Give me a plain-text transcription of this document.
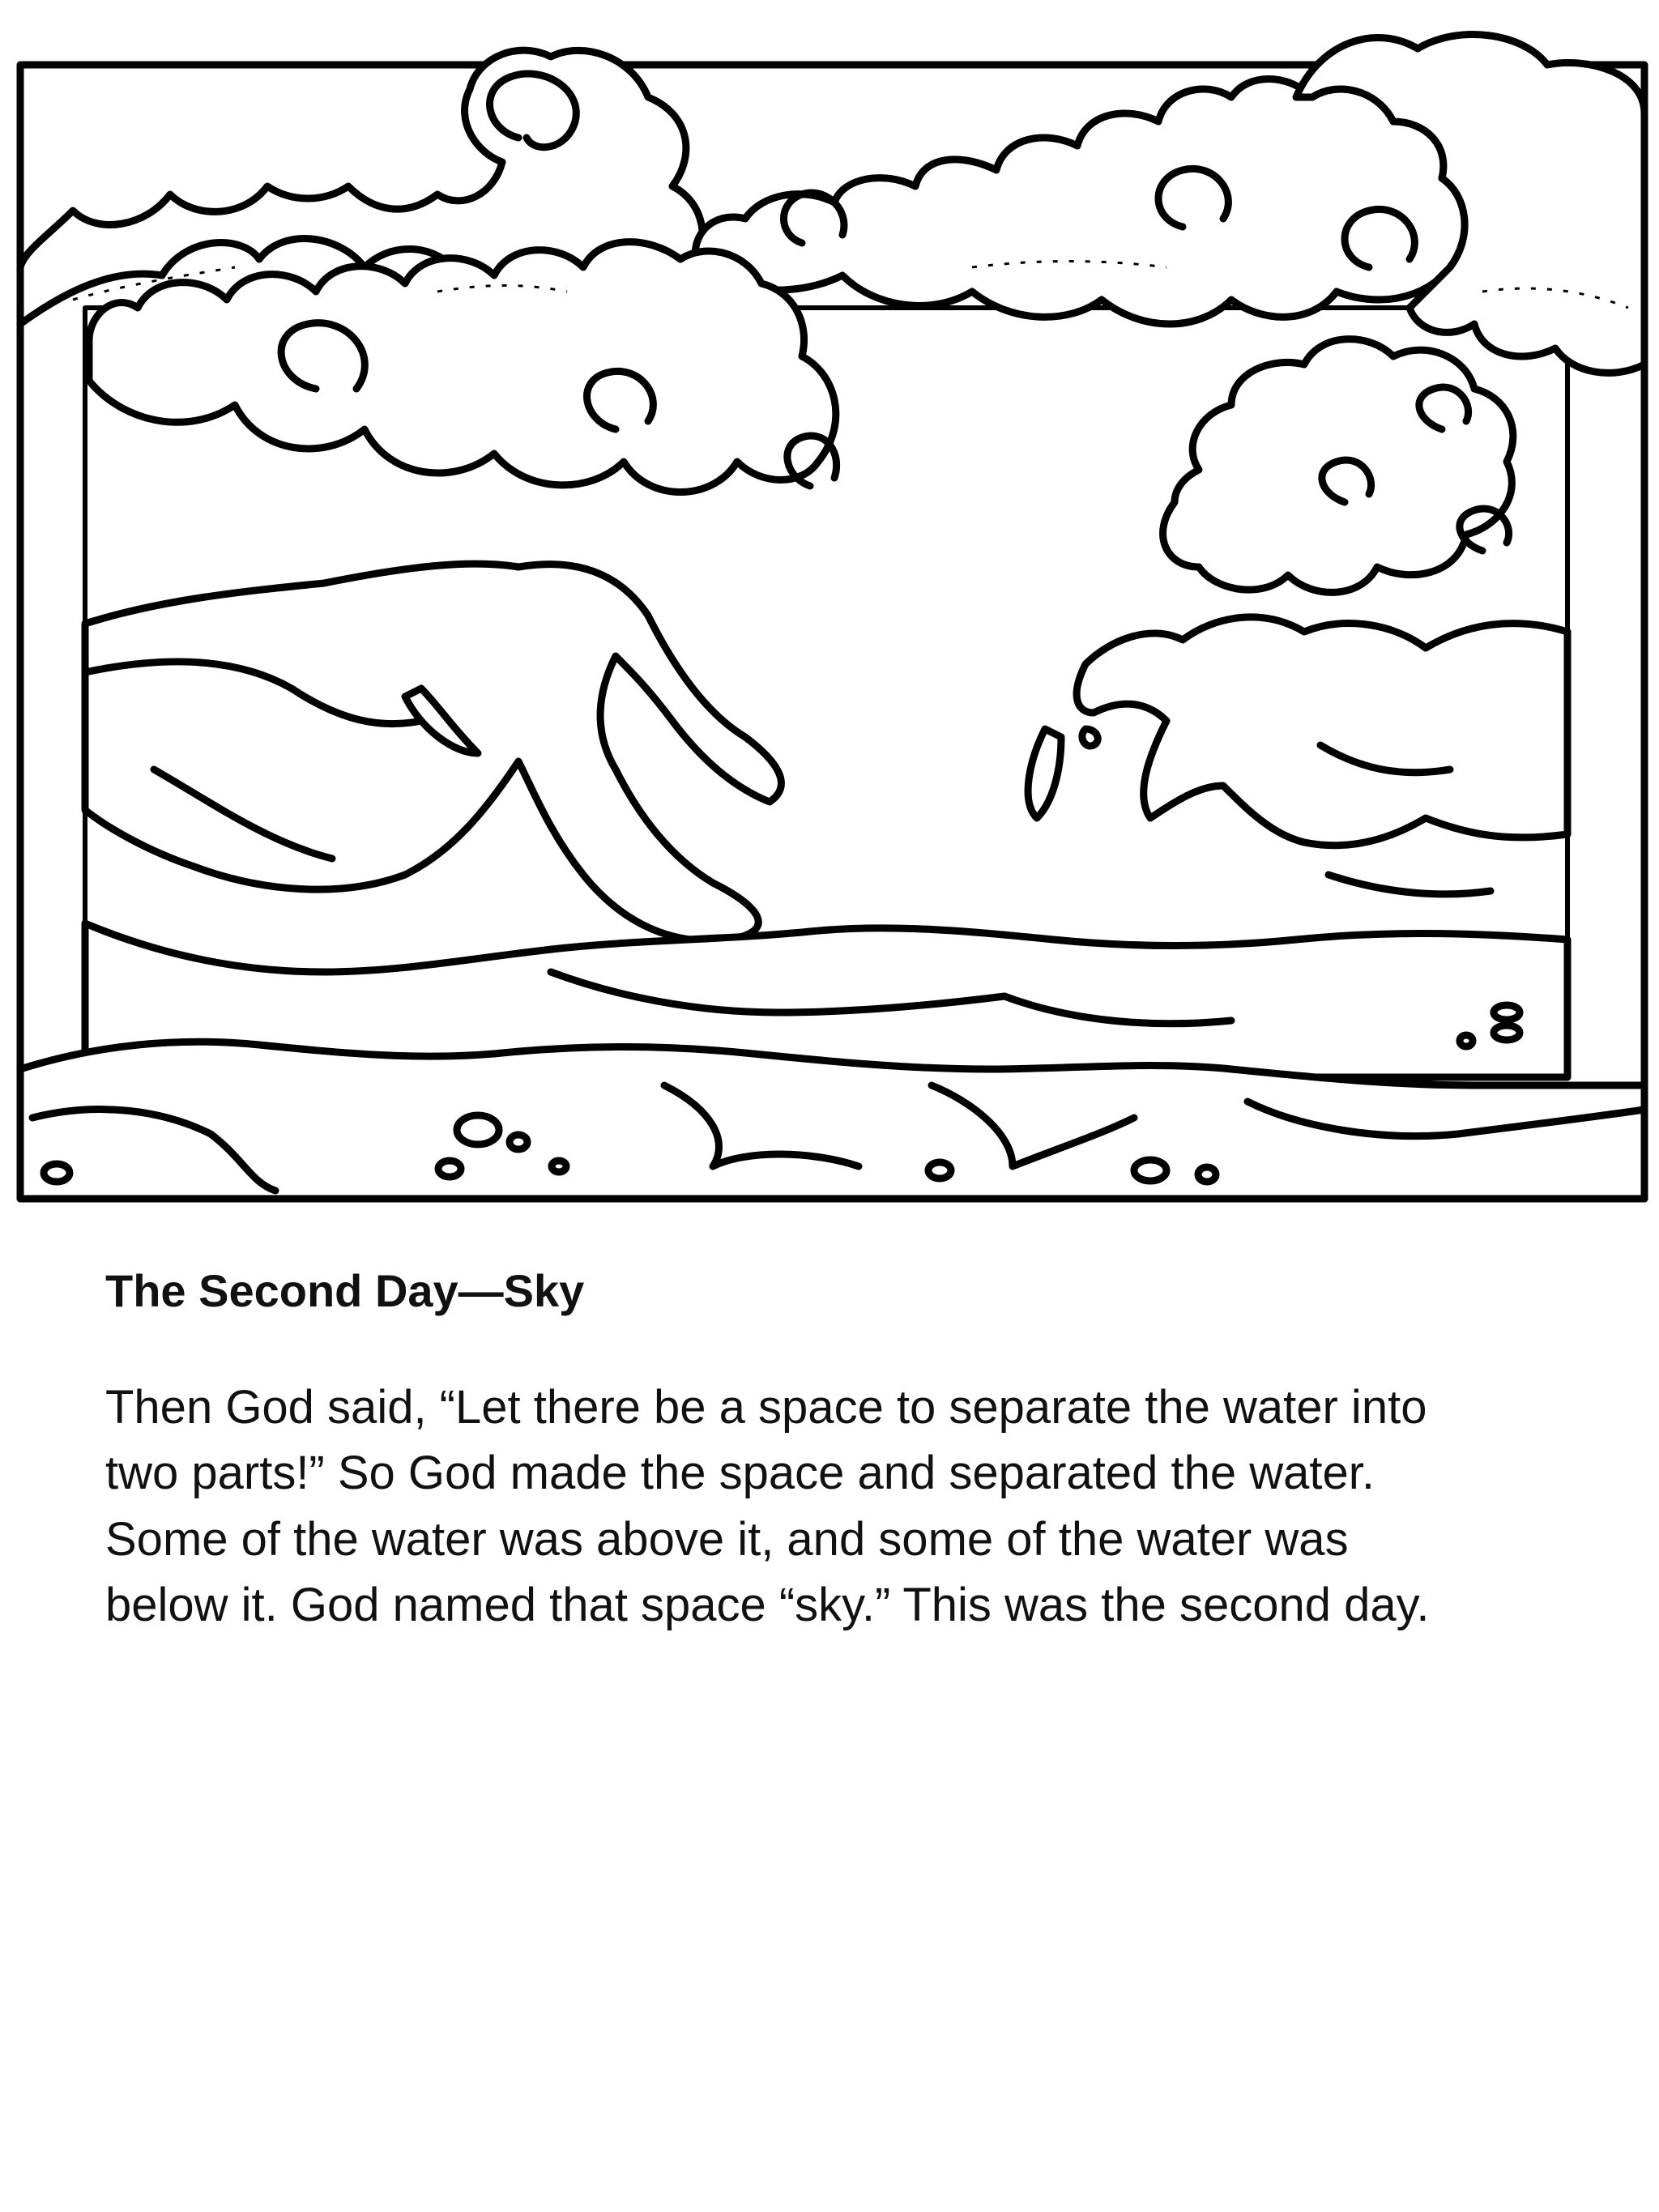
The Second Day—Sky

Then God said, “Let there be a space to separate the water into
two parts!” So God made the space and separated the water.
Some of the water was above it, and some of the water was
below it. God named that space “sky.” This was the second day.
